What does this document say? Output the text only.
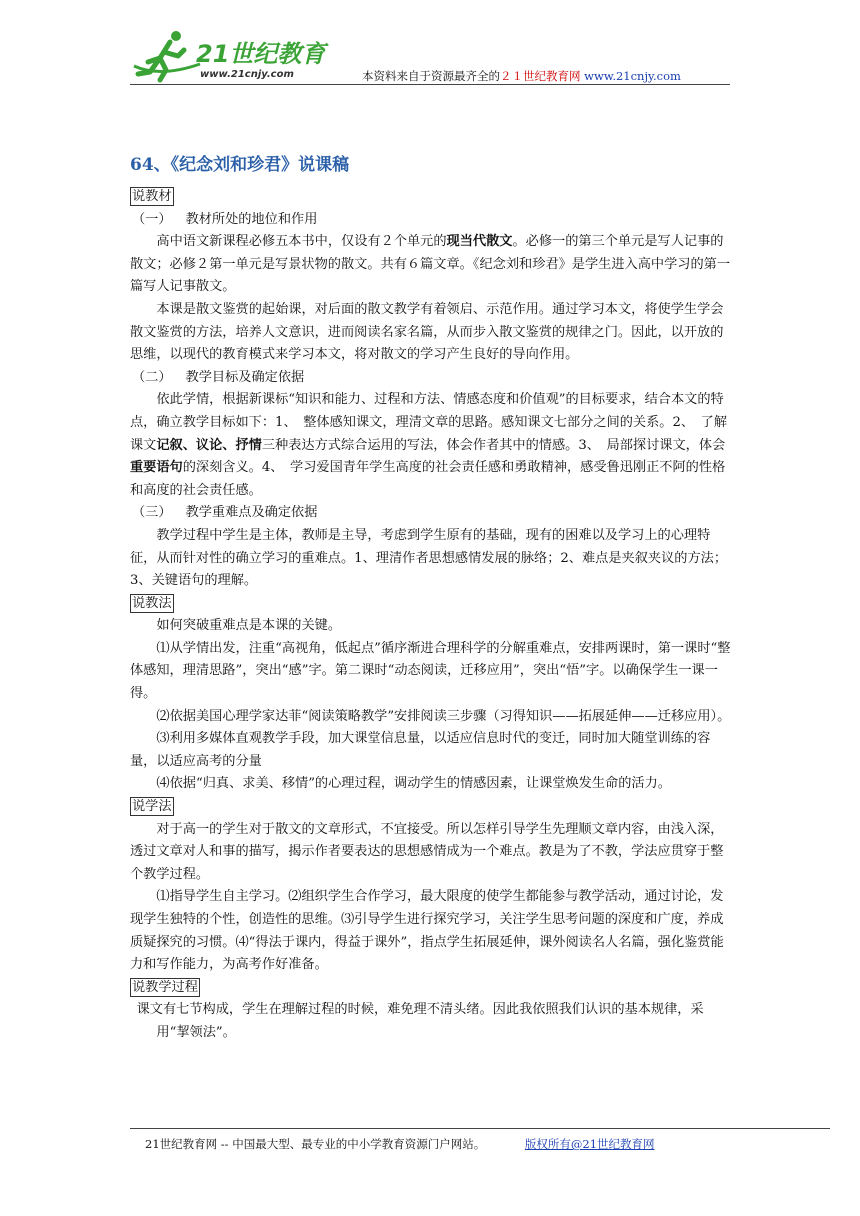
21世纪教育
www.21cnjy.com	本资料来自于资源最齐全的２１世纪教育网 www.21cnjy.com
64、《纪念刘和珍君》说课稿

说教材

（一） 教材所处的地位和作用

高中语文新课程必修五本书中，仅设有２个单元的现当代散文。必修一的第三个单元是写人记事的散文；必修２第一单元是写景状物的散文。共有６篇文章。《纪念刘和珍君》是学生进入高中学习的第一篇写人记事散文。

本课是散文鉴赏的起始课，对后面的散文教学有着领启、示范作用。通过学习本文，将使学生学会散文鉴赏的方法，培养人文意识，进而阅读名家名篇，从而步入散文鉴赏的规律之门。因此，以开放的思维，以现代的教育模式来学习本文，将对散文的学习产生良好的导向作用。

（二） 教学目标及确定依据

依此学情，根据新课标“知识和能力、过程和方法、情感态度和价值观”的目标要求，结合本文的特点，确立教学目标如下：1、　整体感知课文，理清文章的思路。感知课文七部分之间的关系。2、　了解课文记叙、议论、抒情三种表达方式综合运用的写法，体会作者其中的情感。3、　局部探讨课文，体会重要语句的深刻含义。4、　学习爱国青年学生高度的社会责任感和勇敢精神，感受鲁迅刚正不阿的性格和高度的社会责任感。

（三） 教学重难点及确定依据

教学过程中学生是主体，教师是主导，考虑到学生原有的基础，现有的困难以及学习上的心理特征，从而针对性的确立学习的重难点。1、理清作者思想感情发展的脉络；2、难点是夹叙夹议的方法；3、关键语句的理解。

说教法

如何突破重难点是本课的关键。

⑴从学情出发，注重“高视角，低起点”循序渐进合理科学的分解重难点，安排两课时，第一课时“整体感知，理清思路”，突出“感”字。第二课时“动态阅读，迁移应用”，突出“悟”字。以确保学生一课一得。

⑵依据美国心理学家达菲“阅读策略教学”安排阅读三步骤（习得知识——拓展延伸——迁移应用）。

⑶利用多媒体直观教学手段，加大课堂信息量，以适应信息时代的变迁，同时加大随堂训练的容量，以适应高考的分量

⑷依据“归真、求美、移情”的心理过程，调动学生的情感因素，让课堂焕发生命的活力。

说学法

对于高一的学生对于散文的文章形式，不宜接受。所以怎样引导学生先理顺文章内容，由浅入深，透过文章对人和事的描写，揭示作者要表达的思想感情成为一个难点。教是为了不教，学法应贯穿于整个教学过程。

⑴指导学生自主学习。⑵组织学生合作学习，最大限度的使学生都能参与教学活动，通过讨论，发现学生独特的个性，创造性的思维。⑶引导学生进行探究学习，关注学生思考问题的深度和广度，养成质疑探究的习惯。⑷“得法于课内，得益于课外”，指点学生拓展延伸，课外阅读名人名篇，强化鉴赏能力和写作能力，为高考作好准备。

说教学过程

课文有七节构成，学生在理解过程的时候，难免理不清头绪。因此我依照我们认识的基本规律，采用“挈领法”。

21世纪教育网 -- 中国最大型、最专业的中小学教育资源门户网站。	版权所有@21世纪教育网
